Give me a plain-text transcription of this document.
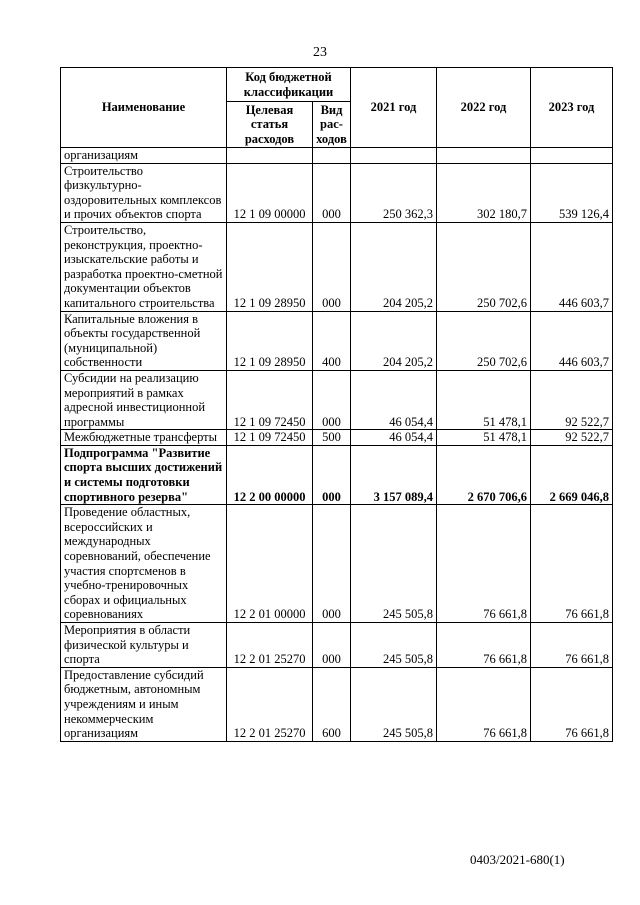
23
Наименование	Код бюджетной классификации		2021 год	2022 год	2023 год
	Целевая статья расходов	Вид рас-ходов			
организациям					
Строительство физкультурно-оздоровительных комплексов и прочих объектов спорта	12 1 09 00000	000	250 362,3	302 180,7	539 126,4
Строительство, реконструкция, проектно-изыскательские работы и разработка проектно-сметной документации объектов капитального строительства	12 1 09 28950	000	204 205,2	250 702,6	446 603,7
Капитальные вложения в объекты государственной (муниципальной) собственности	12 1 09 28950	400	204 205,2	250 702,6	446 603,7
Субсидии на реализацию мероприятий в рамках адресной инвестиционной программы	12 1 09 72450	000	46 054,4	51 478,1	92 522,7
Межбюджетные трансферты	12 1 09 72450	500	46 054,4	51 478,1	92 522,7
Подпрограмма "Развитие спорта высших достижений и системы подготовки спортивного резерва"	12 2 00 00000	000	3 157 089,4	2 670 706,6	2 669 046,8
Проведение областных, всероссийских и международных соревнований, обеспечение участия спортсменов в учебно-тренировочных сборах и официальных соревнованиях	12 2 01 00000	000	245 505,8	76 661,8	76 661,8
Мероприятия в области физической культуры и спорта	12 2 01 25270	000	245 505,8	76 661,8	76 661,8
Предоставление субсидий бюджетным, автономным учреждениям и иным некоммерческим организациям	12 2 01 25270	600	245 505,8	76 661,8	76 661,8
0403/2021-680(1)
